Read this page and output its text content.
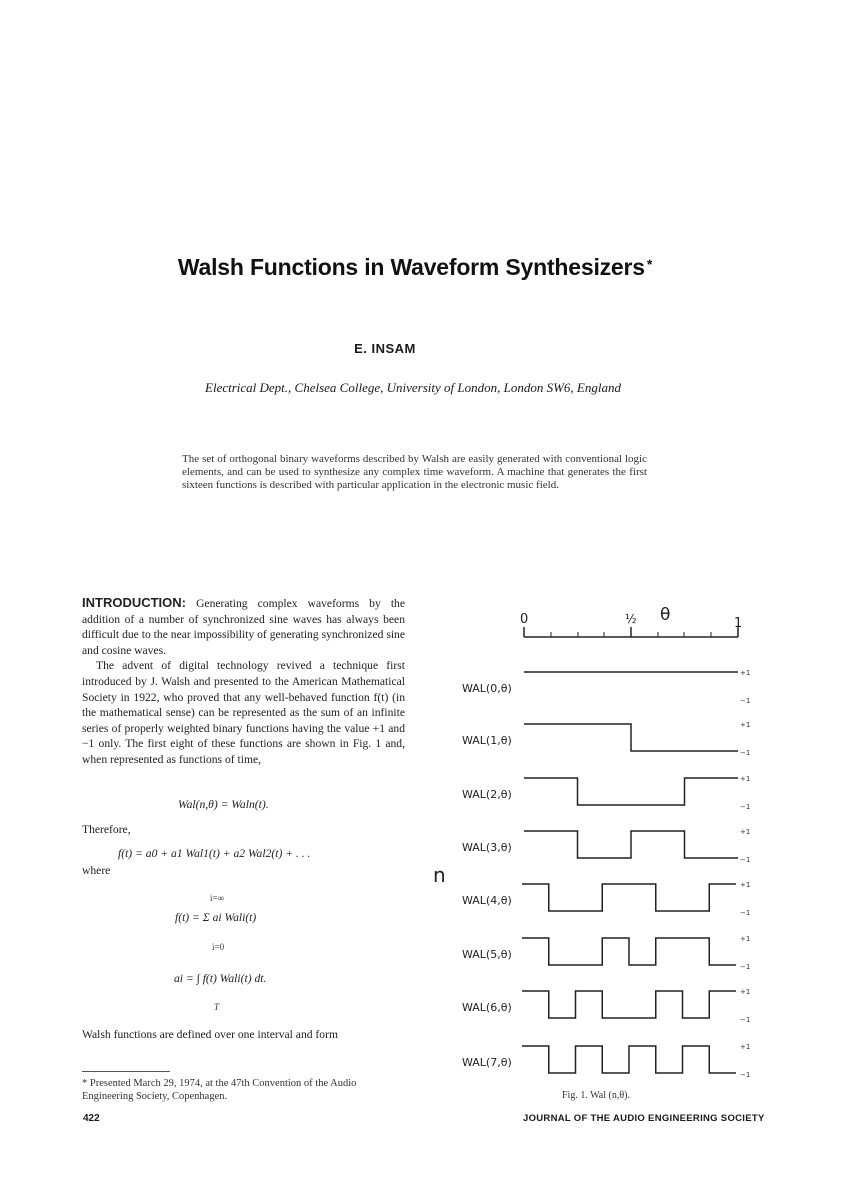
Walsh Functions in Waveform Synthesizers *
E. INSAM
Electrical Dept., Chelsea College, University of London, London SW6, England
The set of orthogonal binary waveforms described by Walsh are easily generated with conventional logic elements, and can be used to synthesize any complex time waveform. A machine that generates the first sixteen functions is described with particular application in the electronic music field.

INTRODUCTION: Generating complex waveforms by the addition of a number of synchronized sine waves has always been difficult due to the near impossibility of generating synchronized sine and cosine waves.

The advent of digital technology revived a technique first introduced by J. Walsh and presented to the American Mathematical Society in 1922, who proved that any well-behaved function f(t) (in the mathematical sense) can be represented as the sum of an infinite series of properly weighted binary functions having the value +1 and −1 only. The first eight of these functions are shown in Fig. 1 and, when represented as functions of time,

Wal(n,θ) = Waln(t).
Therefore,
f(t) = a0 + a1 Wal1(t) + a2 Wal2(t) + . . .
where
i=∞
f(t) = Σ ai Wali(t)
i=0
ai = ∫ f(t) Wali(t) dt.
T
Walsh functions are defined over one interval and form
* Presented March 29, 1974, at the 47th Convention of the Audio Engineering Society, Copenhagen.
422	JOURNAL OF THE AUDIO ENGINEERING SOCIETY
Fig. 1. Wal (n,θ).
0	½ θ	1
n
WAL(0,θ)
+1
−1
WAL(1,θ)
+1
−1
WAL(2,θ)
+1
−1
WAL(3,θ)
+1
−1
WAL(4,θ)
+1
−1
WAL(5,θ)
+1
−1
WAL(6,θ)
+1
−1
WAL(7,θ)
+1
−1
